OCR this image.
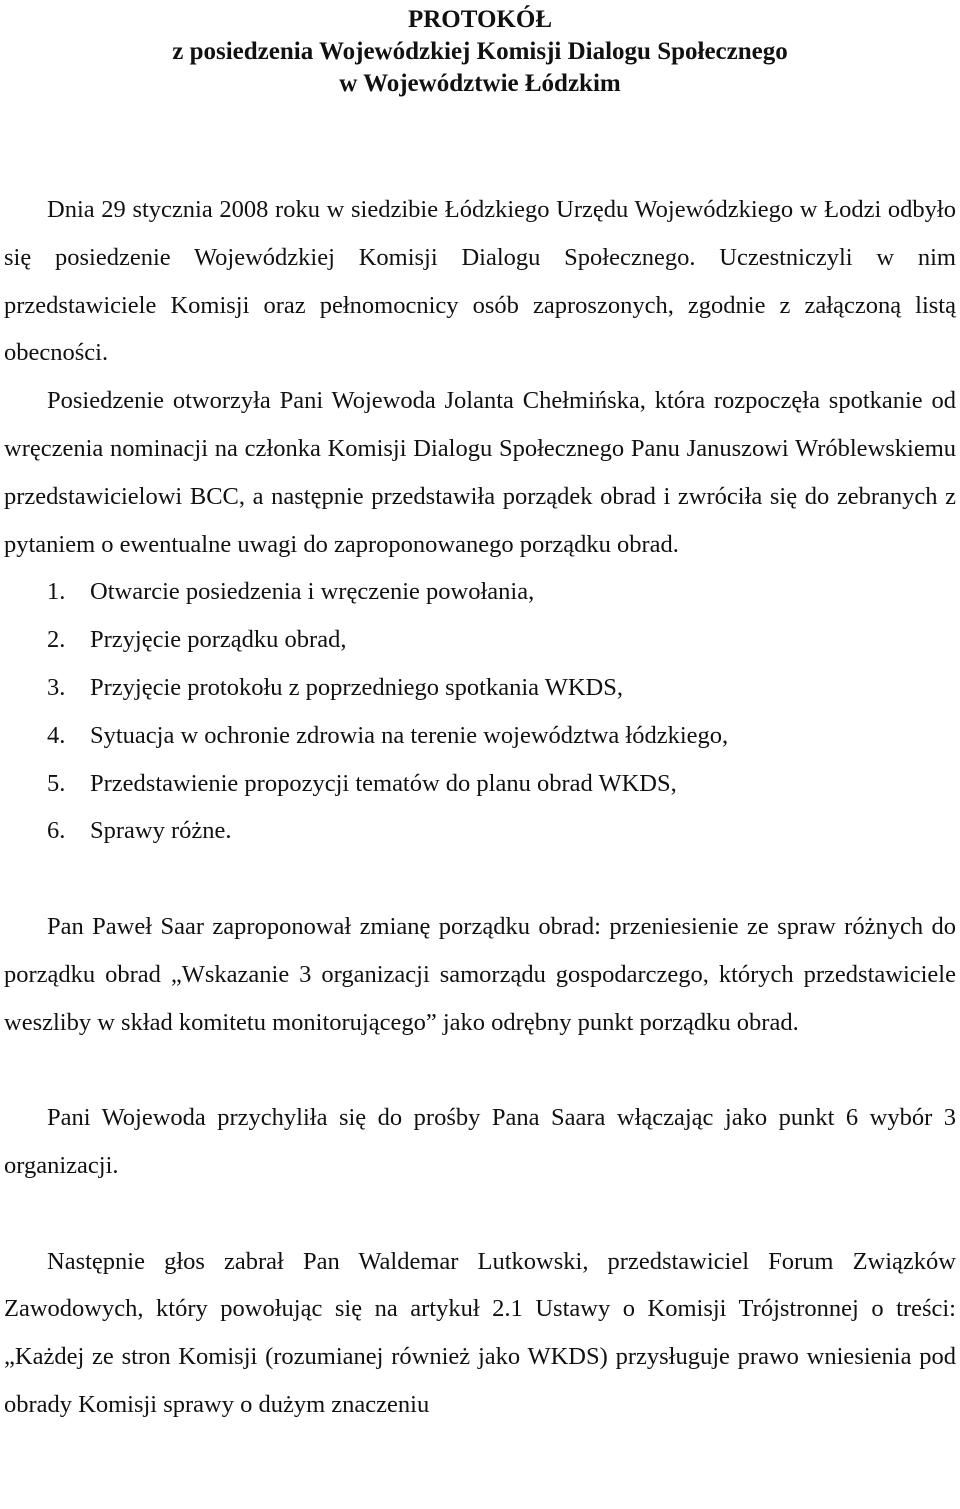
PROTOKÓŁ
z posiedzenia Wojewódzkiej Komisji Dialogu Społecznego
w Województwie Łódzkim

Dnia 29 stycznia 2008 roku w siedzibie Łódzkiego Urzędu Wojewódzkiego w Łodzi odbyło się posiedzenie Wojewódzkiej Komisji Dialogu Społecznego. Uczestniczyli w nim przedstawiciele Komisji oraz pełnomocnicy osób zaproszonych, zgodnie z załączoną listą obecności.

Posiedzenie otworzyła Pani Wojewoda Jolanta Chełmińska, która rozpoczęła spotkanie od wręczenia nominacji na członka Komisji Dialogu Społecznego Panu Januszowi Wróblewskiemu przedstawicielowi BCC, a następnie przedstawiła porządek obrad i zwróciła się do zebranych z pytaniem o ewentualne uwagi do zaproponowanego porządku obrad.

1. Otwarcie posiedzenia i wręczenie powołania,
2. Przyjęcie porządku obrad,
3. Przyjęcie protokołu z poprzedniego spotkania WKDS,
4. Sytuacja w ochronie zdrowia na terenie województwa łódzkiego,
5. Przedstawienie propozycji tematów do planu obrad WKDS,
6. Sprawy różne.

Pan Paweł Saar zaproponował zmianę porządku obrad: przeniesienie ze spraw różnych do porządku obrad „Wskazanie 3 organizacji samorządu gospodarczego, których przedstawiciele weszliby w skład komitetu monitorującego” jako odrębny punkt porządku obrad.

Pani Wojewoda przychyliła się do prośby Pana Saara włączając jako punkt 6 wybór 3 organizacji.

Następnie głos zabrał Pan Waldemar Lutkowski, przedstawiciel Forum Związków Zawodowych, który powołując się na artykuł 2.1 Ustawy o Komisji Trójstronnej o treści: „Każdej ze stron Komisji (rozumianej również jako WKDS) przysługuje prawo wniesienia pod obrady Komisji sprawy o dużym znaczeniu
